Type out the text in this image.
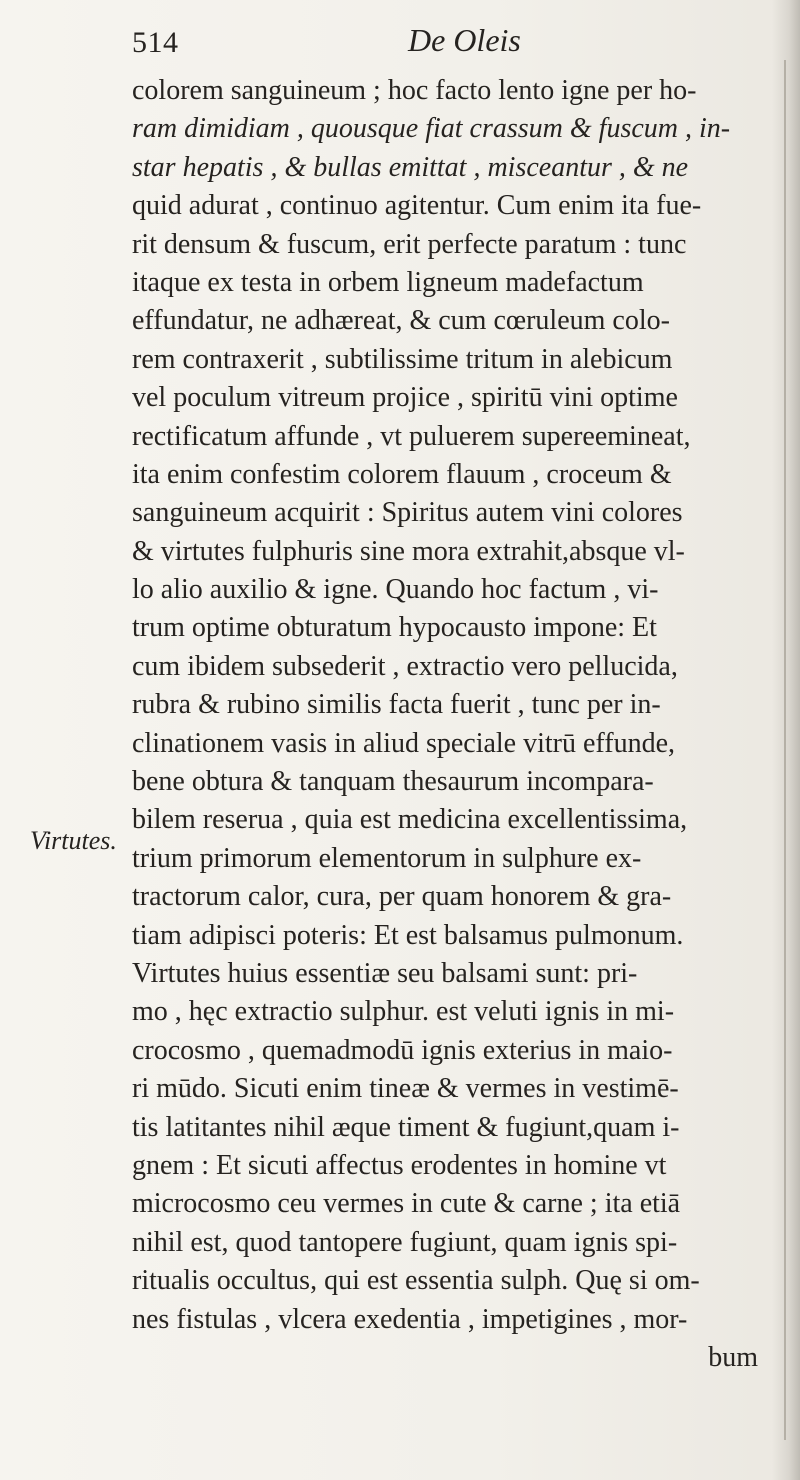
514	De Oleis
Virtutes.
colorem sanguineum ; hoc facto lento igne per ho-
ram dimidiam , quousque fiat crassum & fuscum , in-
star hepatis , & bullas emittat , misceantur , & ne
quid adurat , continuo agitentur. Cum enim ita fue-
rit densum & fuscum, erit perfecte paratum : tunc
itaque ex testa in orbem ligneum madefactum
effundatur, ne adhæreat, & cum cœruleum colo-
rem contraxerit , subtilissime tritum in alebicum
vel poculum vitreum projice , spiritū vini optime
rectificatum affunde , vt puluerem supereemineat,
ita enim confestim colorem flauum , croceum &
sanguineum acquirit : Spiritus autem vini colores
& virtutes fulphuris sine mora extrahit,absque vl-
lo alio auxilio & igne. Quando hoc factum , vi-
trum optime obturatum hypocausto impone: Et
cum ibidem subsederit , extractio vero pellucida,
rubra & rubino similis facta fuerit , tunc per in-
clinationem vasis in aliud speciale vitrū effunde,
bene obtura & tanquam thesaurum incompara-
bilem reserua , quia est medicina excellentissima,
trium primorum elementorum in sulphure ex-
tractorum calor, cura, per quam honorem & gra-
tiam adipisci poteris: Et est balsamus pulmonum.
Virtutes huius essentiæ seu balsami sunt: pri-
mo , hęc extractio sulphur. est veluti ignis in mi-
crocosmo , quemadmodū ignis exterius in maio-
ri mūdo. Sicuti enim tineæ & vermes in vestimē-
tis latitantes nihil æque timent & fugiunt,quam i-
gnem : Et sicuti affectus erodentes in homine vt
microcosmo ceu vermes in cute & carne ; ita etiā
nihil est, quod tantopere fugiunt, quam ignis spi-
ritualis occultus, qui est essentia sulph. Quę si om-
nes fistulas , vlcera exedentia , impetigines , mor-
bum
